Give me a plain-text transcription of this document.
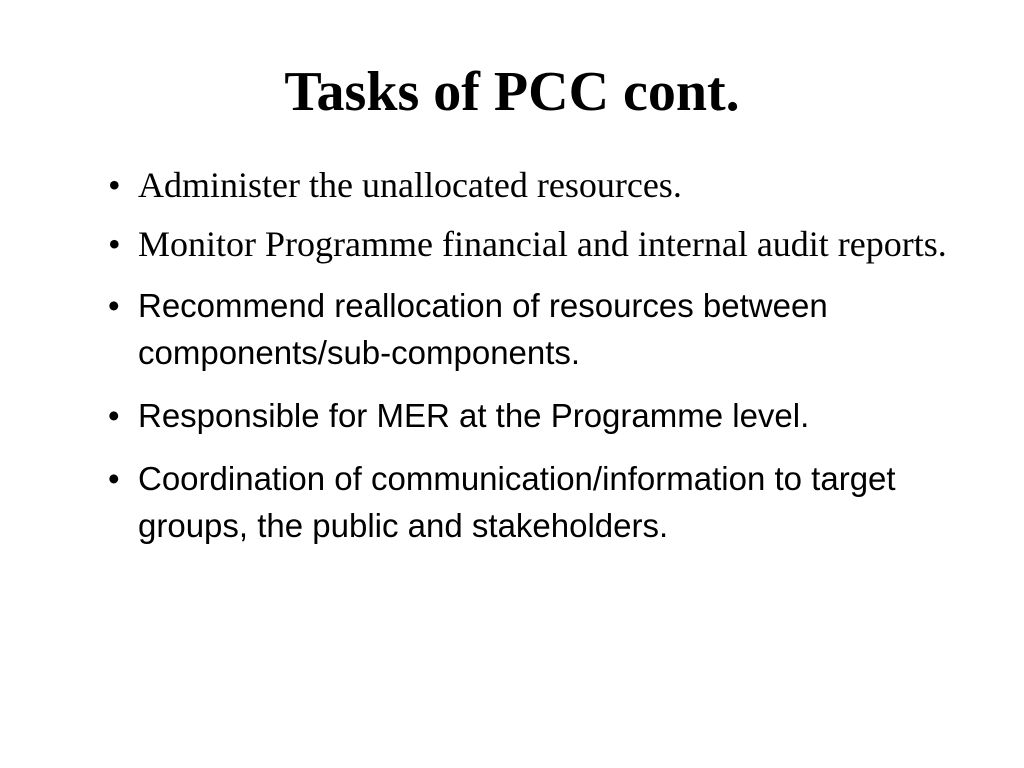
Tasks of PCC cont.
• Administer the unallocated resources.
• Monitor Programme financial and internal audit reports.
• Recommend reallocation of resources between components/sub-components.
• Responsible for MER at the Programme level.
• Coordination of communication/information to target groups, the public and stakeholders.
